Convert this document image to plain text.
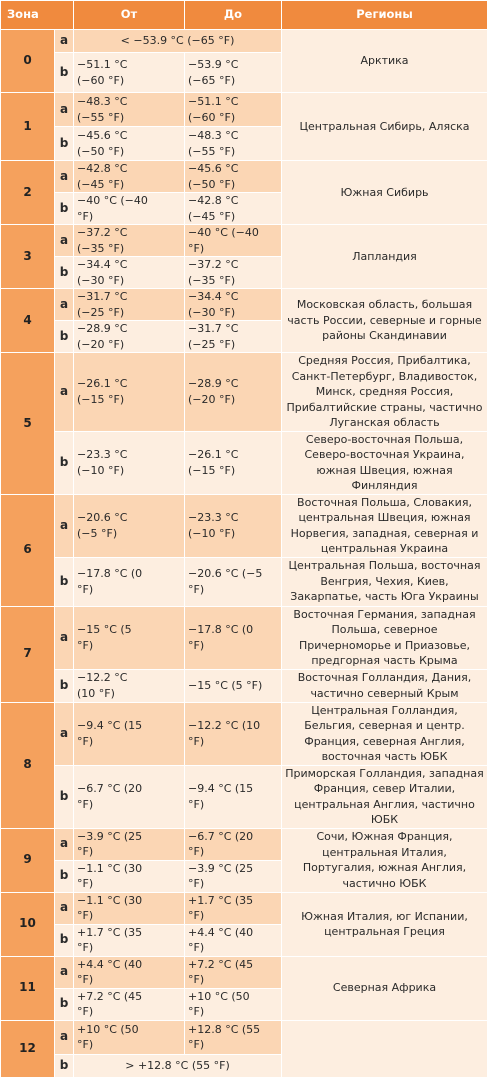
Зона		От	До	Регионы
0	a	< −53.9 °C (−65 °F)		Арктика
	b	−51.1 °C
(−60 °F)	−53.9 °C
(−65 °F)	
1	a	−48.3 °C
(−55 °F)	−51.1 °C
(−60 °F)	Центральная Сибирь, Аляска
	b	−45.6 °C
(−50 °F)	−48.3 °C
(−55 °F)	
2	a	−42.8 °C
(−45 °F)	−45.6 °C
(−50 °F)	Южная Сибирь
	b	−40 °C (−40
°F)	−42.8 °C
(−45 °F)	
3	a	−37.2 °C
(−35 °F)	−40 °C (−40
°F)	Лапландия
	b	−34.4 °C
(−30 °F)	−37.2 °C
(−35 °F)	
4	a	−31.7 °C
(−25 °F)	−34.4 °C
(−30 °F)	Московская область, большая часть России, северные и горные районы Скандинавии
	b	−28.9 °C
(−20 °F)	−31.7 °C
(−25 °F)	
5	a	−26.1 °C
(−15 °F)	−28.9 °C
(−20 °F)	Средняя Россия, Прибалтика, Санкт-Петербург, Владивосток, Минск, средняя Россия, Прибалтийские страны, частично Луганская область
	b	−23.3 °C
(−10 °F)	−26.1 °C
(−15 °F)	Северо-восточная Польша, Северо-восточная Украина, южная Швеция, южная Финляндия
6	a	−20.6 °C
(−5 °F)	−23.3 °C
(−10 °F)	Восточная Польша, Словакия, центральная Швеция, южная Норвегия, западная, северная и центральная Украина
	b	−17.8 °C (0
°F)	−20.6 °C (−5
°F)	Центральная Польша, восточная Венгрия, Чехия, Киев, Закарпатье, часть Юга Украины
7	a	−15 °C (5
°F)	−17.8 °C (0
°F)	Восточная Германия, западная Польша, северное Причерноморье и Приазовье, предгорная часть Крыма
	b	−12.2 °C
(10 °F)	−15 °C (5 °F)	Восточная Голландия, Дания, частично северный Крым
8	a	−9.4 °C (15
°F)	−12.2 °C (10
°F)	Центральная Голландия, Бельгия, северная и центр. Франция, северная Англия, восточная часть ЮБК
	b	−6.7 °C (20
°F)	−9.4 °C (15
°F)	Приморская Голландия, западная Франция, север Италии, центральная Англия, частично ЮБК
9	a	−3.9 °C (25
°F)	−6.7 °C (20
°F)	Сочи, Южная Франция, центральная Италия, Португалия, южная Англия, частично ЮБК
	b	−1.1 °C (30
°F)	−3.9 °C (25
°F)	
10	a	−1.1 °C (30
°F)	+1.7 °C (35
°F)	Южная Италия, юг Испании, центральная Греция
	b	+1.7 °C (35
°F)	+4.4 °C (40
°F)	
11	a	+4.4 °C (40
°F)	+7.2 °C (45
°F)	Северная Африка
	b	+7.2 °C (45
°F)	+10 °C (50
°F)	
12	a	+10 °C (50
°F)	+12.8 °C (55
°F)	
	b	> +12.8 °C (55 °F)		
